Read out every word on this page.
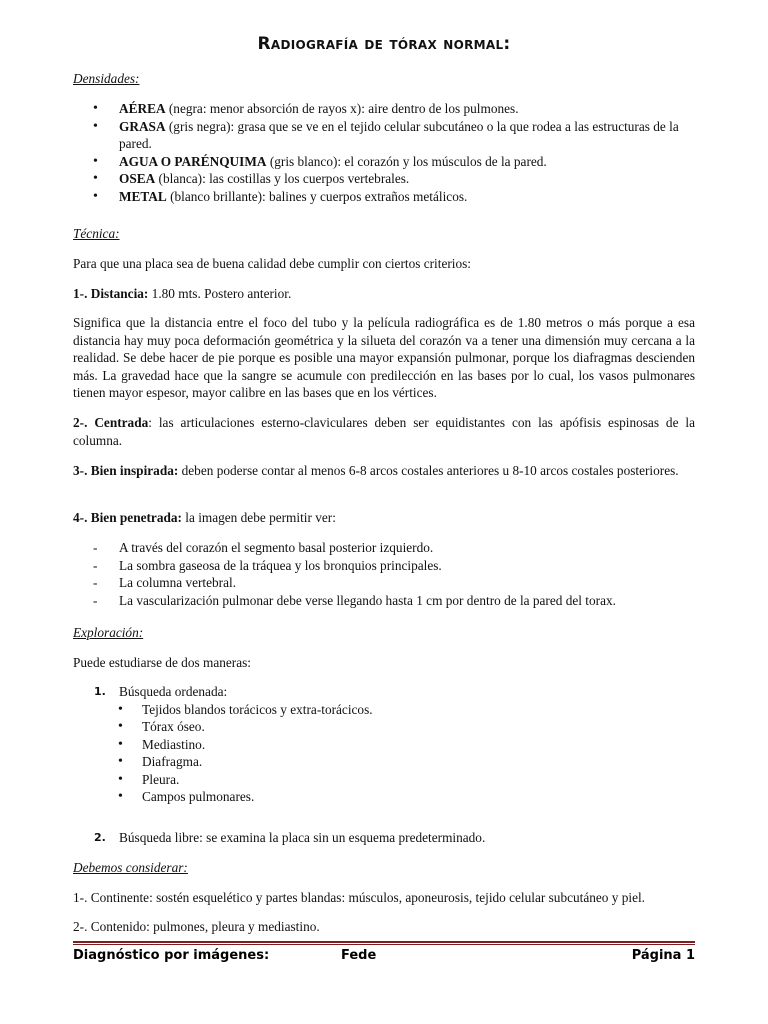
Radiografía de tórax normal:
Densidades:
• AÉREA (negra: menor absorción de rayos x): aire dentro de los pulmones.
• GRASA (gris negra): grasa que se ve en el tejido celular subcutáneo o la que rodea a las estructuras de la pared.
• AGUA O PARÉNQUIMA (gris blanco): el corazón y los músculos de la pared.
• OSEA (blanca): las costillas y los cuerpos vertebrales.
• METAL (blanco brillante): balines y cuerpos extraños metálicos.
Técnica:
Para que una placa sea de buena calidad debe cumplir con ciertos criterios:
1-. Distancia: 1.80 mts. Postero anterior.
Significa que la distancia entre el foco del tubo y la película radiográfica es de 1.80 metros o más porque a esa distancia hay muy poca deformación geométrica y la silueta del corazón va a tener una dimensión muy cercana a la realidad. Se debe hacer de pie porque es posible una mayor expansión pulmonar, porque los diafragmas descienden más. La gravedad hace que la sangre se acumule con predilección en las bases por lo cual, los vasos pulmonares tienen mayor espesor, mayor calibre en las bases que en los vértices.
2-. Centrada: las articulaciones esterno-claviculares deben ser equidistantes con las apófisis espinosas de la columna.
3-. Bien inspirada: deben poderse contar al menos 6-8 arcos costales anteriores u 8-10 arcos costales posteriores.
4-. Bien penetrada: la imagen debe permitir ver:
- A través del corazón el segmento basal posterior izquierdo.
- La sombra gaseosa de la tráquea y los bronquios principales.
- La columna vertebral.
- La vascularización pulmonar debe verse llegando hasta 1 cm por dentro de la pared del torax.
Exploración:
Puede estudiarse de dos maneras:
1. Búsqueda ordenada:
• Tejidos blandos torácicos y extra-torácicos.
• Tórax óseo.
• Mediastino.
• Diafragma.
• Pleura.
• Campos pulmonares.
2. Búsqueda libre: se examina la placa sin un esquema predeterminado.
Debemos considerar:
1-. Continente: sostén esquelético y partes blandas: músculos, aponeurosis, tejido celular subcutáneo y piel.
2-. Contenido: pulmones, pleura y mediastino.
Diagnóstico por imágenes:	Fede	Página 1
